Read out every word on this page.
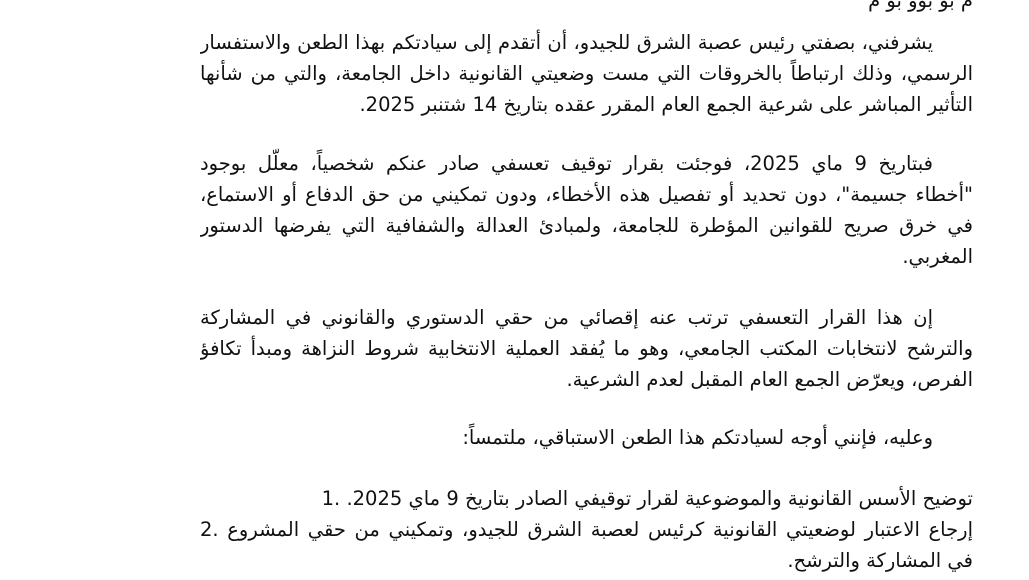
م بو بوو بو م
يشرفني، بصفتي رئيس عصبة الشرق للجيدو، أن أتقدم إلى سيادتكم بهذا الطعن والاستفسار
الرسمي، وذلك ارتباطاً بالخروقات التي مست وضعيتي القانونية داخل الجامعة، والتي من شأنها
التأثير المباشر على شرعية الجمع العام المقرر عقده بتاريخ 14 شتنبر 2025.
فبتاريخ 9 ماي 2025، فوجئت بقرار توقيف تعسفي صادر عنكم شخصياً، معلّل بوجود
"أخطاء جسيمة"، دون تحديد أو تفصيل هذه الأخطاء، ودون تمكيني من حق الدفاع أو الاستماع،
في خرق صريح للقوانين المؤطرة للجامعة، ولمبادئ العدالة والشفافية التي يفرضها الدستور
المغربي.
إن هذا القرار التعسفي ترتب عنه إقصائي من حقي الدستوري والقانوني في المشاركة
والترشح لانتخابات المكتب الجامعي، وهو ما يُفقد العملية الانتخابية شروط النزاهة ومبدأ تكافؤ
الفرص، ويعرّض الجمع العام المقبل لعدم الشرعية.
وعليه، فإنني أوجه لسيادتكم هذا الطعن الاستباقي، ملتمساً:
توضيح الأسس القانونية والموضوعية لقرار توقيفي الصادر بتاريخ 9 ماي 2025. 1.
إرجاع الاعتبار لوضعيتي القانونية كرئيس لعصبة الشرق للجيدو، وتمكيني من حقي المشروع 2.
في المشاركة والترشح.
